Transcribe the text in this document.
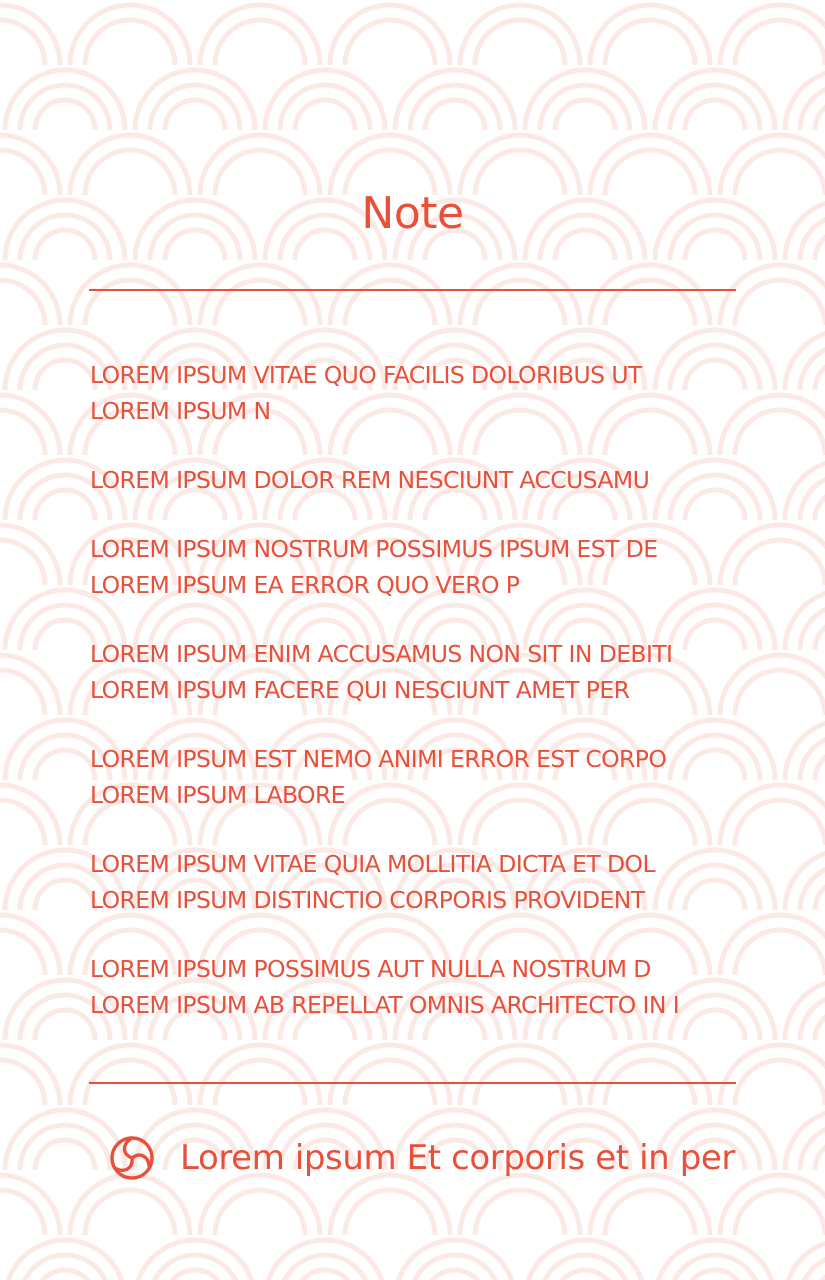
Note
LOREM IPSUM VITAE QUO FACILIS DOLORIBUS UT
LOREM IPSUM N
LOREM IPSUM DOLOR REM NESCIUNT ACCUSAMU
LOREM IPSUM NOSTRUM POSSIMUS IPSUM EST DE
LOREM IPSUM EA ERROR QUO VERO P
LOREM IPSUM ENIM ACCUSAMUS NON SIT IN DEBITI
LOREM IPSUM FACERE QUI NESCIUNT AMET PER
LOREM IPSUM EST NEMO ANIMI ERROR EST CORPO
LOREM IPSUM LABORE
LOREM IPSUM VITAE QUIA MOLLITIA DICTA ET DOL
LOREM IPSUM DISTINCTIO CORPORIS PROVIDENT
LOREM IPSUM POSSIMUS AUT NULLA NOSTRUM D
LOREM IPSUM AB REPELLAT OMNIS ARCHITECTO IN I
Lorem ipsum Et corporis et in per
